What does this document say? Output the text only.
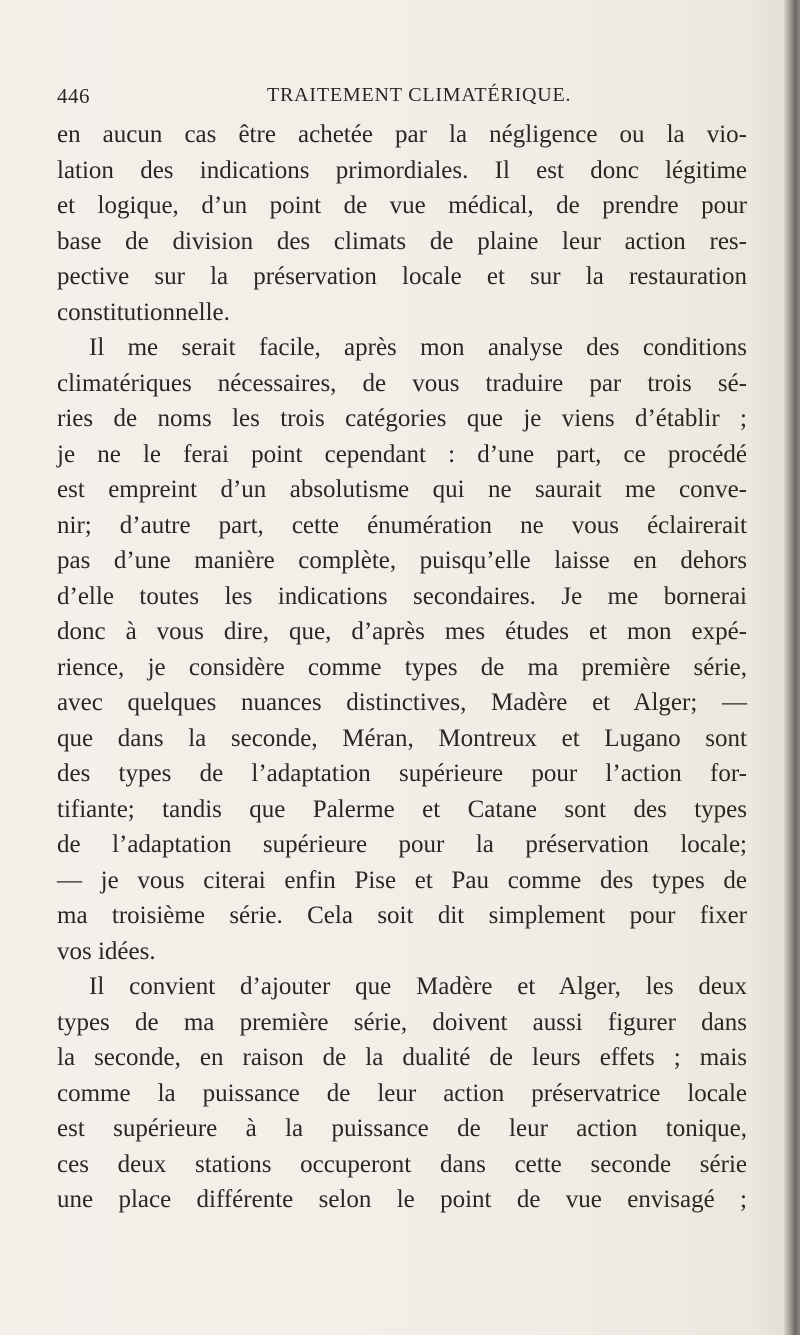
446	TRAITEMENT CLIMATÉRIQUE.
en aucun cas être achetée par la négligence ou la vio-
lation des indications primordiales. Il est donc légitime
et logique, d’un point de vue médical, de prendre pour
base de division des climats de plaine leur action res-
pective sur la préservation locale et sur la restauration
constitutionnelle.
Il me serait facile, après mon analyse des conditions
climatériques nécessaires, de vous traduire par trois sé-
ries de noms les trois catégories que je viens d’établir ;
je ne le ferai point cependant : d’une part, ce procédé
est empreint d’un absolutisme qui ne saurait me conve-
nir; d’autre part, cette énumération ne vous éclairerait
pas d’une manière complète, puisqu’elle laisse en dehors
d’elle toutes les indications secondaires. Je me bornerai
donc à vous dire, que, d’après mes études et mon expé-
rience, je considère comme types de ma première série,
avec quelques nuances distinctives, Madère et Alger; —
que dans la seconde, Méran, Montreux et Lugano sont
des types de l’adaptation supérieure pour l’action for-
tifiante; tandis que Palerme et Catane sont des types
de l’adaptation supérieure pour la préservation locale;
— je vous citerai enfin Pise et Pau comme des types de
ma troisième série. Cela soit dit simplement pour fixer
vos idées.
Il convient d’ajouter que Madère et Alger, les deux
types de ma première série, doivent aussi figurer dans
la seconde, en raison de la dualité de leurs effets ; mais
comme la puissance de leur action préservatrice locale
est supérieure à la puissance de leur action tonique,
ces deux stations occuperont dans cette seconde série
une place différente selon le point de vue envisagé ;
